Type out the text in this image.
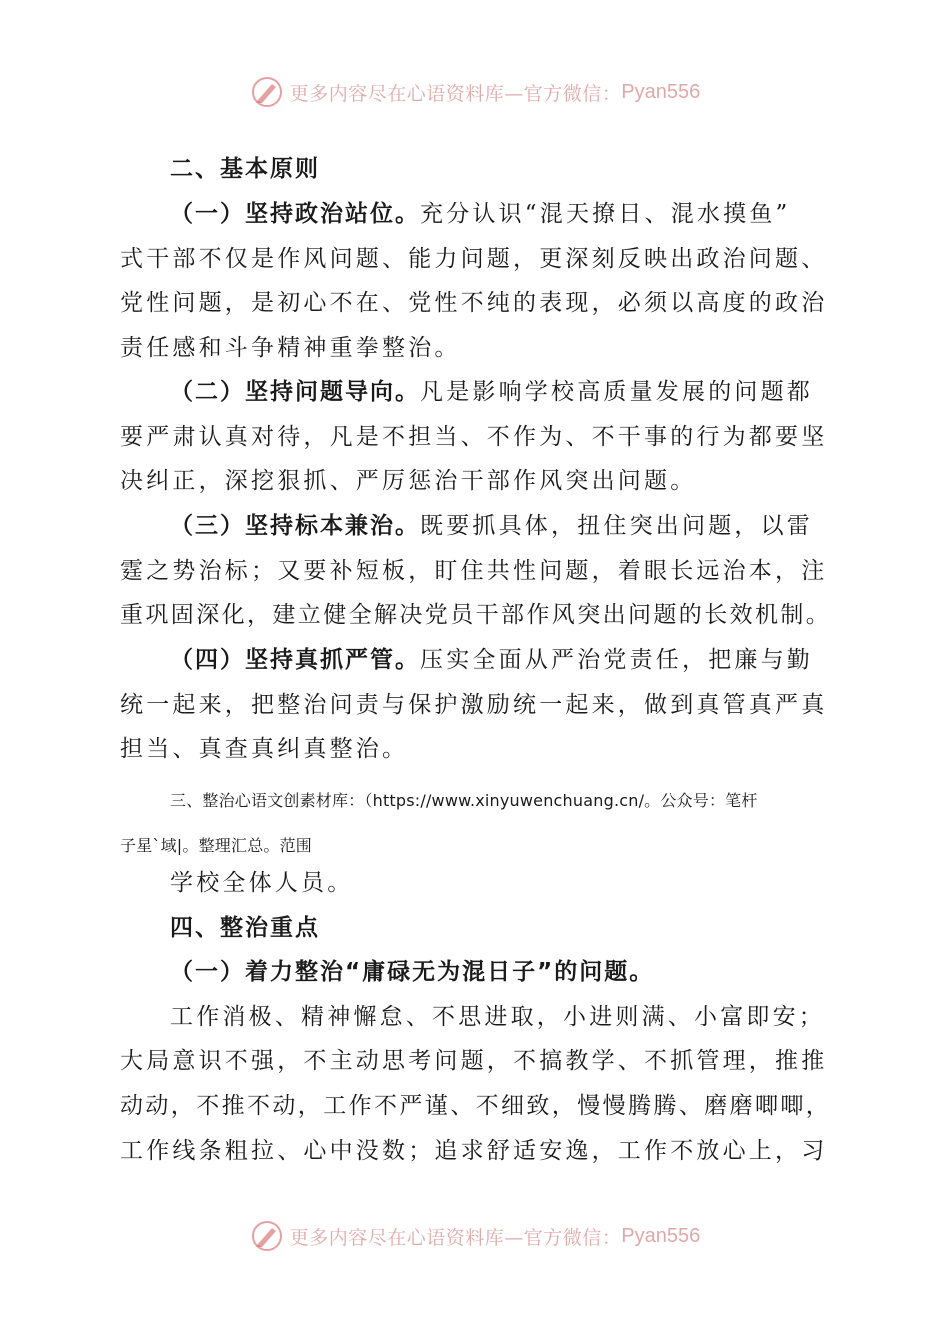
更多内容尽在心语资料库—官方微信： Pyan556
二、基本原则
（一）坚持政治站位。充分认识“混天撩日、混水摸鱼”
式干部不仅是作风问题、能力问题，更深刻反映出政治问题、
党性问题，是初心不在、党性不纯的表现，必须以高度的政治
责任感和斗争精神重拳整治。
（二）坚持问题导向。凡是影响学校高质量发展的问题都
要严肃认真对待，凡是不担当、不作为、不干事的行为都要坚
决纠正，深挖狠抓、严厉惩治干部作风突出问题。
（三）坚持标本兼治。既要抓具体，扭住突出问题，以雷
霆之势治标；又要补短板，盯住共性问题，着眼长远治本，注
重巩固深化，建立健全解决党员干部作风突出问题的长效机制。
（四）坚持真抓严管。压实全面从严治党责任，把廉与勤
统一起来，把整治问责与保护激励统一起来，做到真管真严真
担当、真查真纠真整治。
三、整治心语文创素材库：（https://www.xinyuwenchuang.cn/。公众号：笔杆
子星`域|。整理汇总。范围
学校全体人员。
四、整治重点
（一）着力整治“庸碌无为混日子”的问题。
工作消极、精神懈怠、不思进取，小进则满、小富即安；
大局意识不强，不主动思考问题，不搞教学、不抓管理，推推
动动，不推不动，工作不严谨、不细致，慢慢腾腾、磨磨唧唧，
工作线条粗拉、心中没数；追求舒适安逸，工作不放心上，习
更多内容尽在心语资料库—官方微信： Pyan556
